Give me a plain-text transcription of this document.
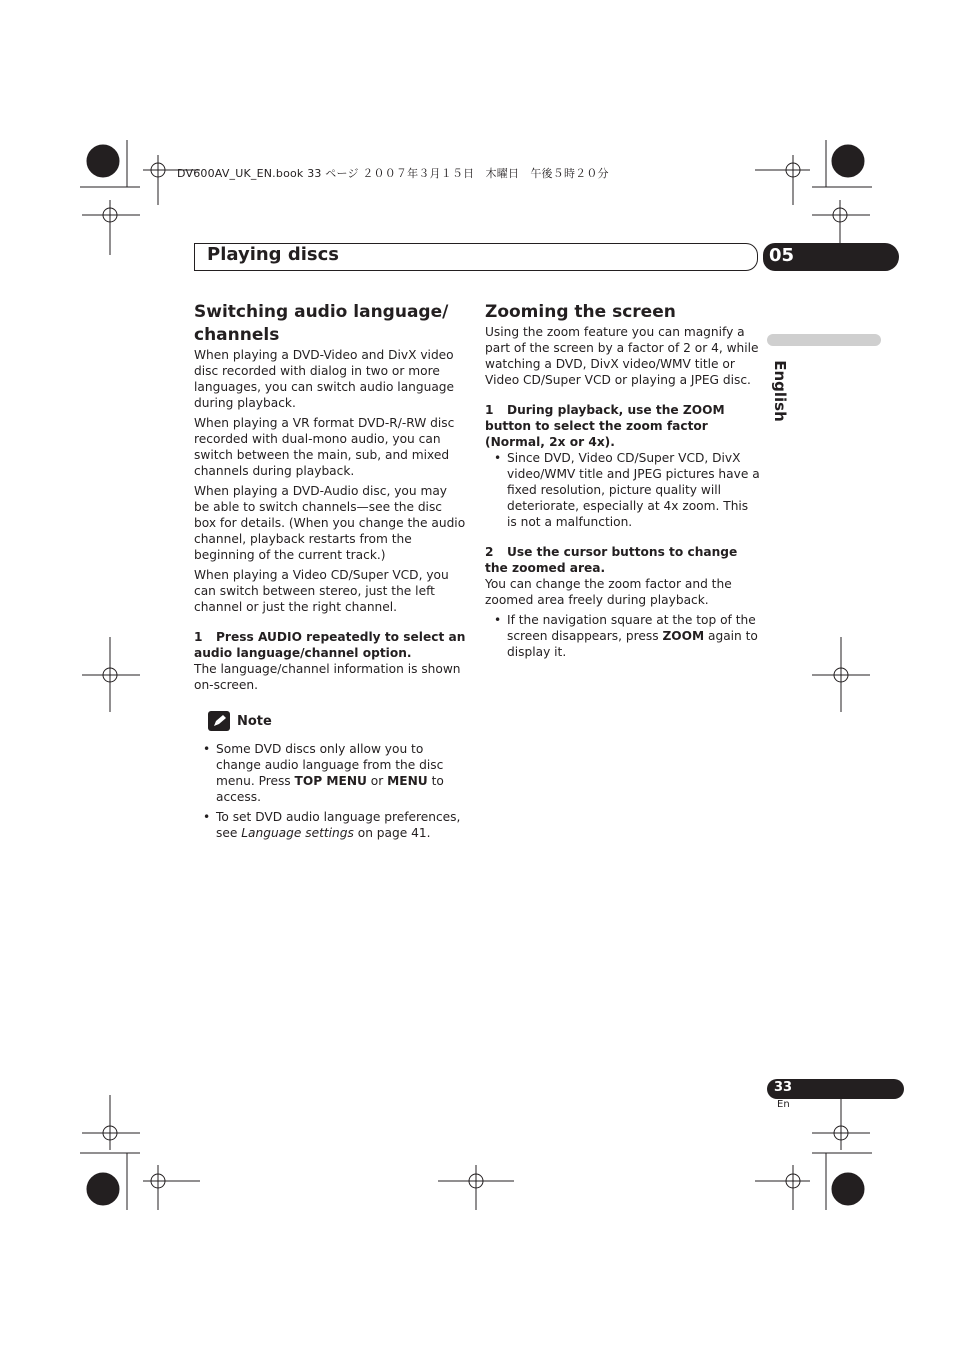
DV600AV_UK_EN.book 33 ページ ２００７年３月１５日　木曜日　午後５時２０分
Playing discs	05
English
Switching audio language/ channels

When playing a DVD-Video and DivX video disc recorded with dialog in two or more languages, you can switch audio language during playback.

When playing a VR format DVD-R/-RW disc recorded with dual-mono audio, you can switch between the main, sub, and mixed channels during playback.

When playing a DVD-Audio disc, you may be able to switch channels—see the disc box for details. (When you change the audio channel, playback restarts from the beginning of the current track.)

When playing a Video CD/Super VCD, you can switch between stereo, just the left channel or just the right channel.

1 Press AUDIO repeatedly to select an audio language/channel option.

The language/channel information is shown on-screen.

Note
• Some DVD discs only allow you to change audio language from the disc menu. Press TOP MENU or MENU to access.
• To set DVD audio language preferences, see Language settings on page 41.
Zooming the screen

Using the zoom feature you can magnify a part of the screen by a factor of 2 or 4, while watching a DVD, DivX video/WMV title or Video CD/Super VCD or playing a JPEG disc.

1 During playback, use the ZOOM button to select the zoom factor (Normal, 2x or 4x).

• Since DVD, Video CD/Super VCD, DivX video/WMV title and JPEG pictures have a fixed resolution, picture quality will deteriorate, especially at 4x zoom. This is not a malfunction.

2 Use the cursor buttons to change the zoomed area.

You can change the zoom factor and the zoomed area freely during playback.

• If the navigation square at the top of the screen disappears, press ZOOM again to display it.
33
En
